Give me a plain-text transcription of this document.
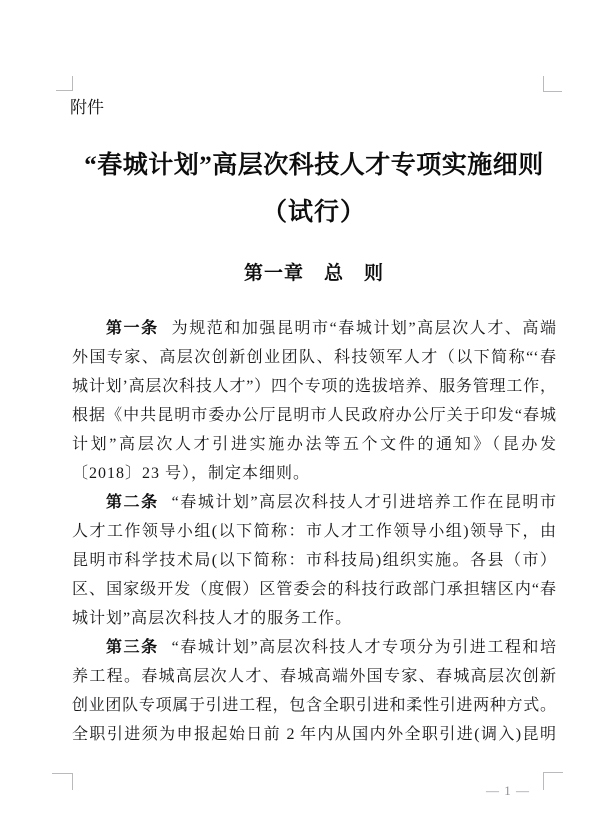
附件
“春城计划”高层次科技人才专项实施细则
（试行）
第一章　总　则
第一条 为规范和加强昆明市“春城计划”高层次人才、高端
外国专家、高层次创新创业团队、科技领军人才（以下简称“‘春
城计划’高层次科技人才”）四个专项的选拔培养、服务管理工作，
根据《中共昆明市委办公厅昆明市人民政府办公厅关于印发“春城
计划”高层次人才引进实施办法等五个文件的通知》（昆办发
〔2018〕23 号），制定本细则。
第二条 “春城计划”高层次科技人才引进培养工作在昆明市
人才工作领导小组(以下简称：市人才工作领导小组)领导下，由
昆明市科学技术局(以下简称：市科技局)组织实施。各县（市）
区、国家级开发（度假）区管委会的科技行政部门承担辖区内“春
城计划”高层次科技人才的服务工作。
第三条 “春城计划”高层次科技人才专项分为引进工程和培
养工程。春城高层次人才、春城高端外国专家、春城高层次创新
创业团队专项属于引进工程，包含全职引进和柔性引进两种方式。
全职引进须为申报起始日前 2 年内从国内外全职引进(调入)昆明
— 1 —
